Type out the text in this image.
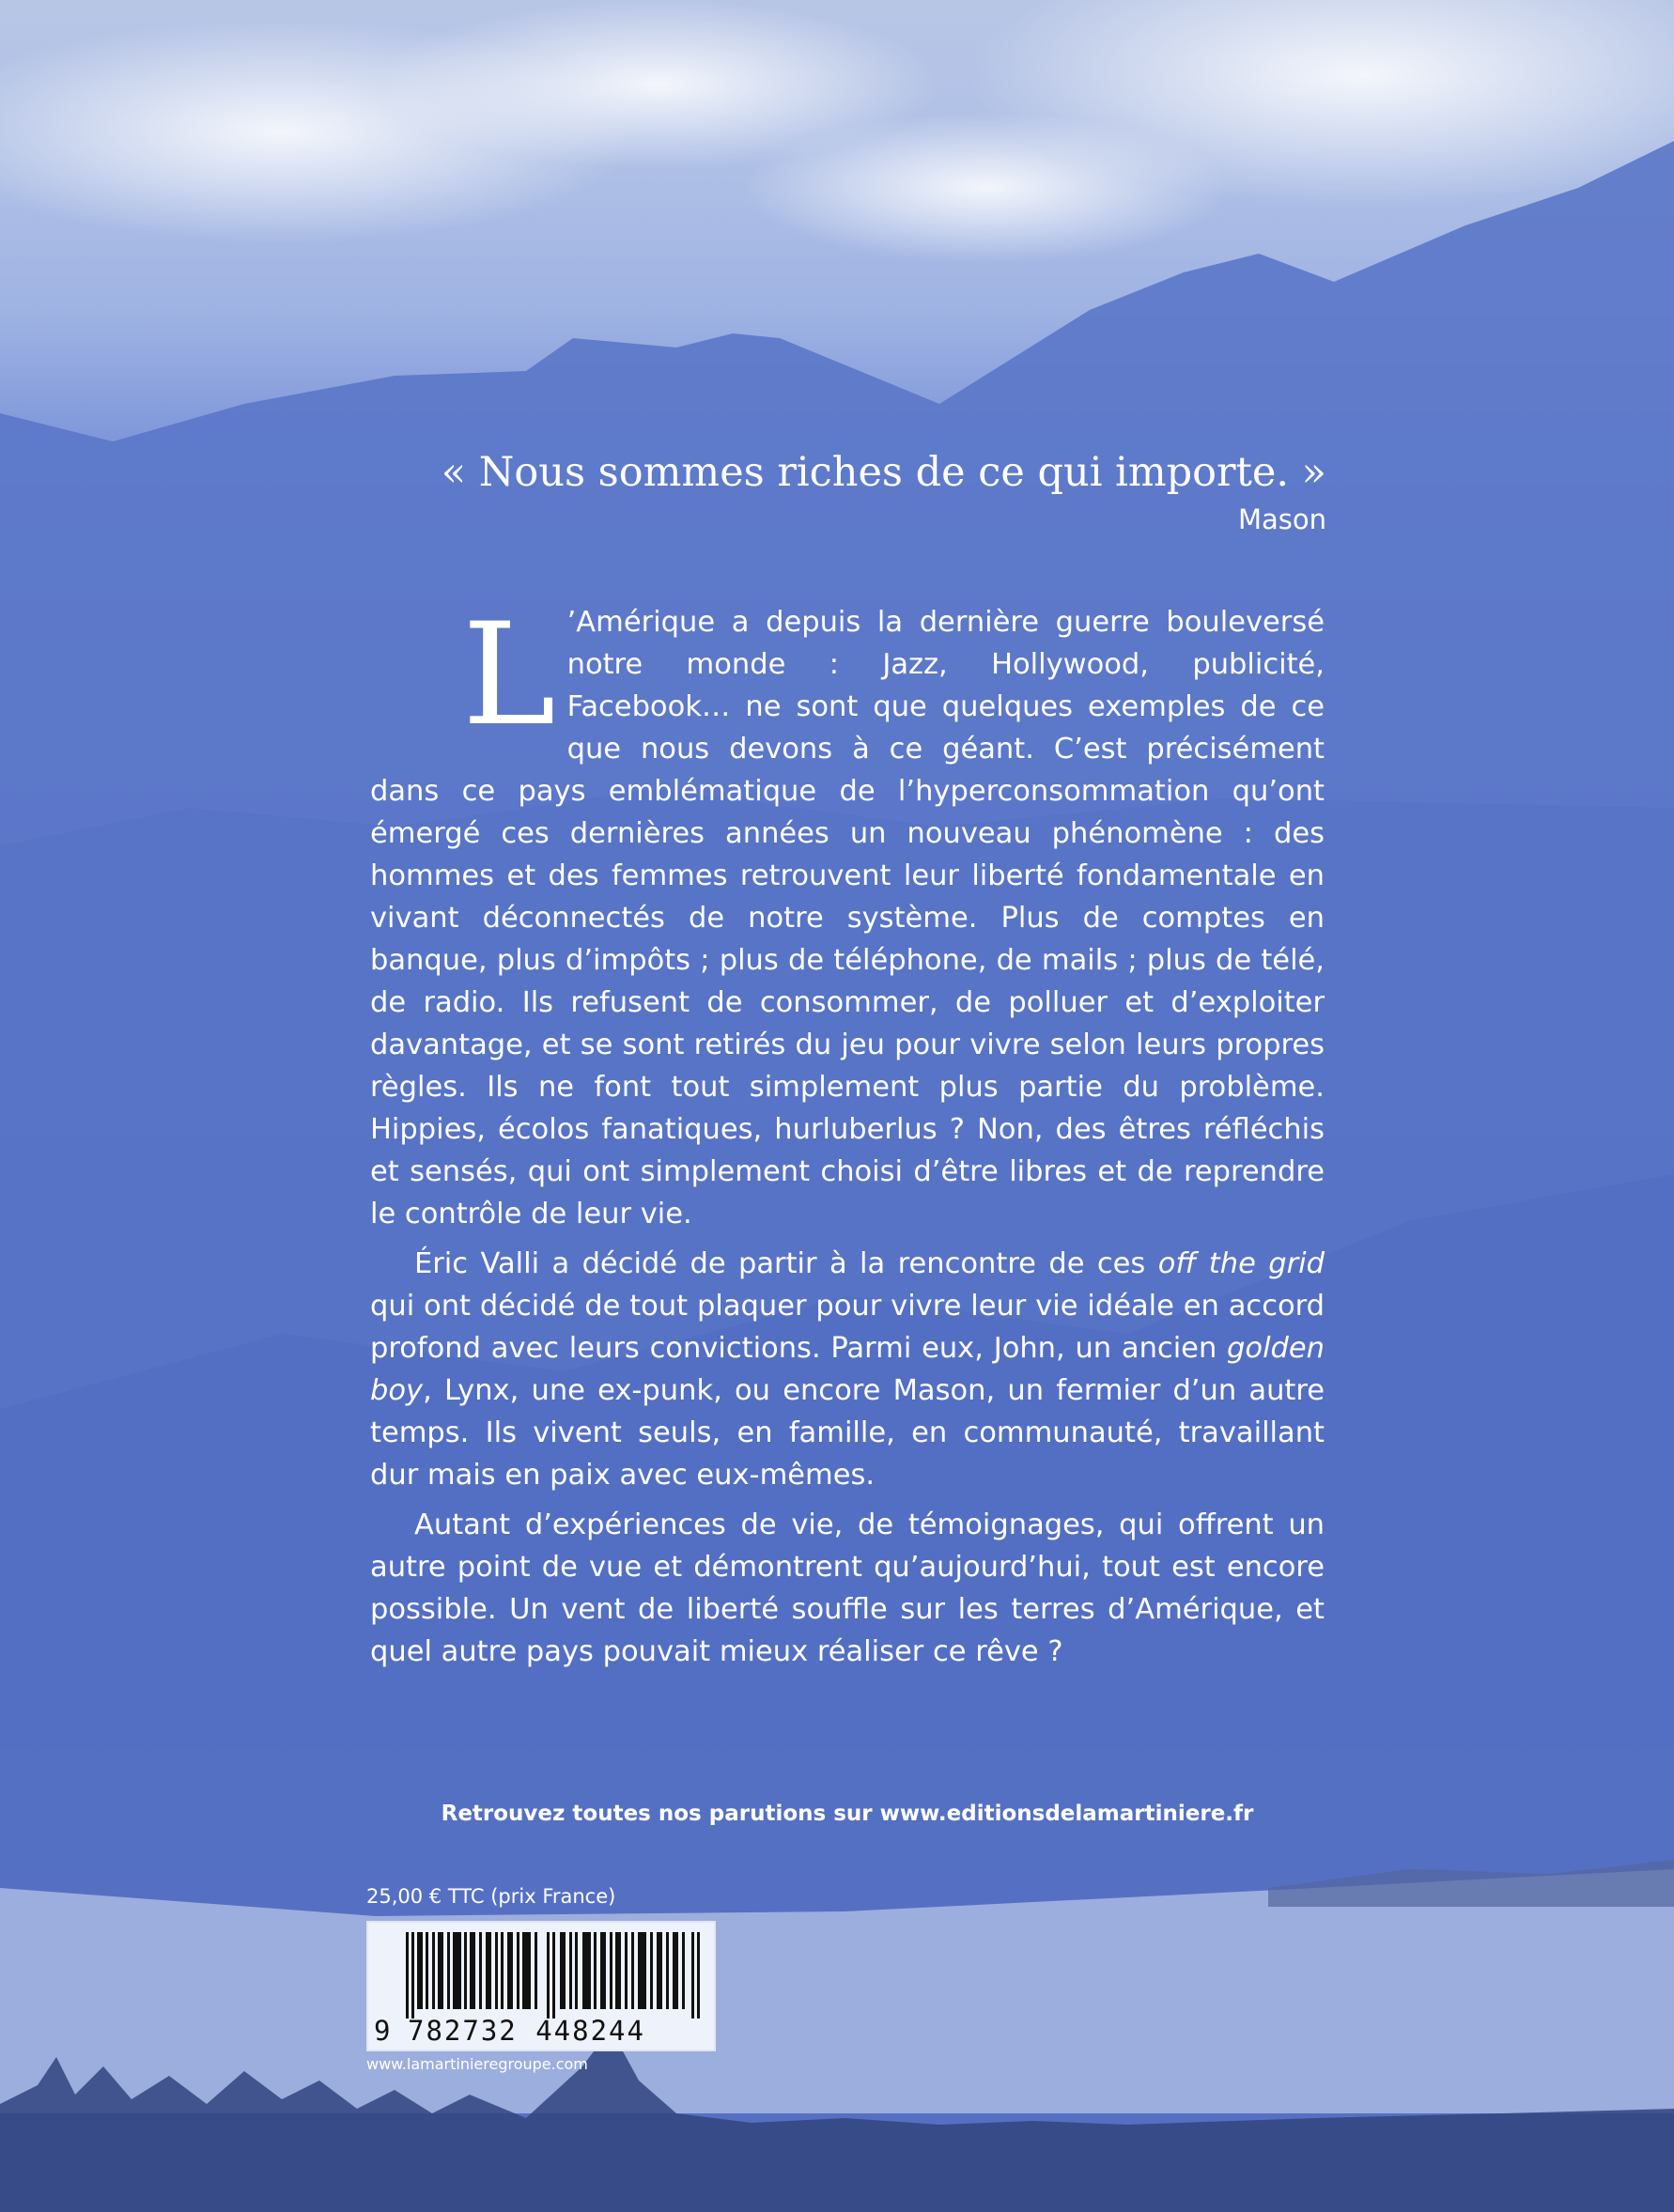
« Nous sommes riches de ce qui importe. »
Mason

L ’Amérique a depuis la dernière guerre bouleversé notre monde : Jazz, Hollywood, publicité, Facebook… ne sont que quelques exemples de ce que nous devons à ce géant. C’est précisément dans ce pays emblématique de l’hyperconsommation qu’ont émergé ces dernières années un nouveau phénomène : des hommes et des femmes retrouvent leur liberté fondamentale en vivant déconnectés de notre système. Plus de comptes en banque, plus d’impôts ; plus de téléphone, de mails ; plus de télé, de radio. Ils refusent de consommer, de polluer et d’exploiter davantage, et se sont retirés du jeu pour vivre selon leurs propres règles. Ils ne font tout simplement plus partie du problème. Hippies, écolos fanatiques, hurluberlus ? Non, des êtres réfléchis et sensés, qui ont simplement choisi d’être libres et de reprendre le contrôle de leur vie.

Éric Valli a décidé de partir à la rencontre de ces off the grid qui ont décidé de tout plaquer pour vivre leur vie idéale en accord profond avec leurs convictions. Parmi eux, John, un ancien golden boy, Lynx, une ex-punk, ou encore Mason, un fermier d’un autre temps. Ils vivent seuls, en famille, en communauté, travaillant dur mais en paix avec eux-mêmes.

Autant d’expériences de vie, de témoignages, qui offrent un autre point de vue et démontrent qu’aujourd’hui, tout est encore possible. Un vent de liberté souffle sur les terres d’Amérique, et quel autre pays pouvait mieux réaliser ce rêve ?

Retrouvez toutes nos parutions sur www.editionsdelamartiniere.fr
25,00 € TTC (prix France)
9 782732 448244
www.lamartinieregroupe.com
